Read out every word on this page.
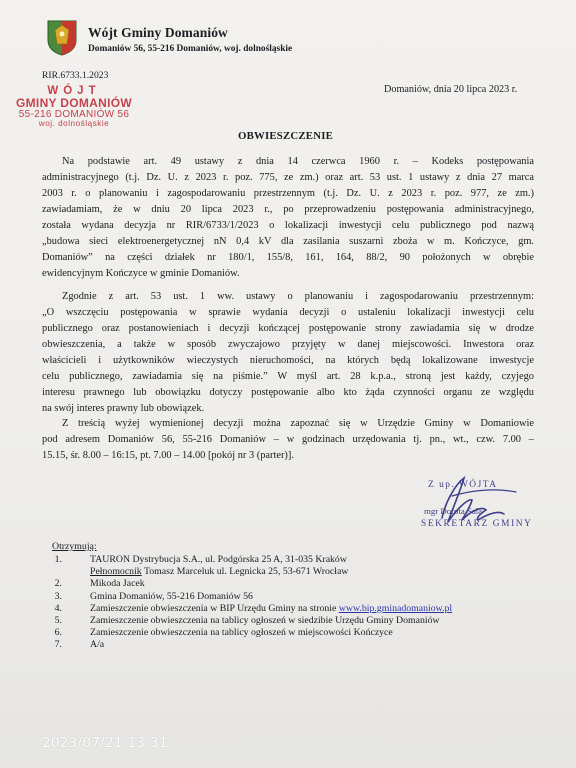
Wójt Gminy Domaniów
Domaniów 56, 55-216 Domaniów, woj. dolnośląskie
RIR.6733.1.2023
Domaniów, dnia 20 lipca 2023 r.
WÓJT
GMINY DOMANIÓW
55-216 DOMANIÓW 56
woj. dolnośląskie
OBWIESZCZENIE
Na podstawie art. 49 ustawy z dnia 14 czerwca 1960 r. – Kodeks postępowania
administracyjnego (t.j. Dz. U. z 2023 r. poz. 775, ze zm.) oraz art. 53 ust. 1 ustawy z dnia 27 marca
2003 r. o planowaniu i zagospodarowaniu przestrzennym (t.j. Dz. U. z 2023 r. poz. 977, ze zm.)
zawiadamiam, że w dniu 20 lipca 2023 r., po przeprowadzeniu postępowania administracyjnego,
została wydana decyzja nr RIR/6733/1/2023 o lokalizacji inwestycji celu publicznego pod nazwą
„budowa sieci elektroenergetycznej nN 0,4 kV dla zasilania suszarni zboża w m. Kończyce, gm.
Domaniów” na części działek nr 180/1, 155/8, 161, 164, 88/2, 90 położonych w obrębie
ewidencyjnym Kończyce w gminie Domaniów.
Zgodnie z art. 53 ust. 1 ww. ustawy o planowaniu i zagospodarowaniu przestrzennym:
„O wszczęciu postępowania w sprawie wydania decyzji o ustaleniu lokalizacji inwestycji celu
publicznego oraz postanowieniach i decyzji kończącej postępowanie strony zawiadamia się w drodze
obwieszczenia, a także w sposób zwyczajowo przyjęty w danej miejscowości. Inwestora oraz
właścicieli i użytkowników wieczystych nieruchomości, na których będą lokalizowane inwestycje
celu publicznego, zawiadamia się na piśmie.” W myśl art. 28 k.p.a., stroną jest każdy, czyjego
interesu prawnego lub obowiązku dotyczy postępowanie albo kto żąda czynności organu ze względu
na swój interes prawny lub obowiązek.
Z treścią wyżej wymienionej decyzji można zapoznać się w Urzędzie Gminy w Domaniowie
pod adresem Domaniów 56, 55-216 Domaniów – w godzinach urzędowania tj. pn., wt., czw. 7.00 –
15.15, śr. 8.00 – 16:15, pt. 7.00 – 14.00 [pokój nr 3 (parter)].
Z up. WÓJTA
mgr Dorota Sala
SEKRETARZ GMINY
Otrzymują:
1.	TAURON Dystrybucja S.A., ul. Podgórska 25 A, 31-035 Kraków
Pełnomocnik Tomasz Marceluk ul. Legnicka 25, 53-671 Wrocław
2.	Mikoda Jacek
3.	Gmina Domaniów, 55-216 Domaniów 56
4.	Zamieszczenie obwieszczenia w BIP Urzędu Gminy na stronie www.bip.gminadomaniow.pl
5.	Zamieszczenie obwieszczenia na tablicy ogłoszeń w siedzibie Urzędu Gminy Domaniów
6.	Zamieszczenie obwieszczenia na tablicy ogłoszeń w miejscowości Kończyce
7.	A/a
2023/07/21 13:31
